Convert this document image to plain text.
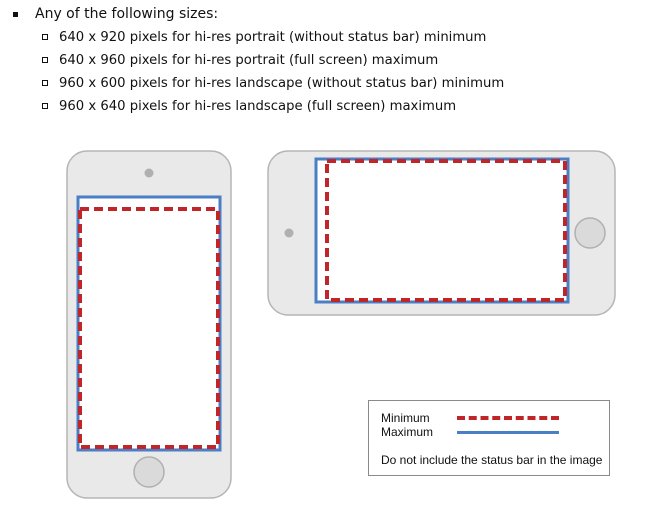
Any of the following sizes:
640 x 920 pixels for hi-res portrait (without status bar) minimum
640 x 960 pixels for hi-res portrait (full screen) maximum
960 x 600 pixels for hi-res landscape (without status bar) minimum
960 x 640 pixels for hi-res landscape (full screen) maximum
Minimum
Maximum
Do not include the status bar in the image
